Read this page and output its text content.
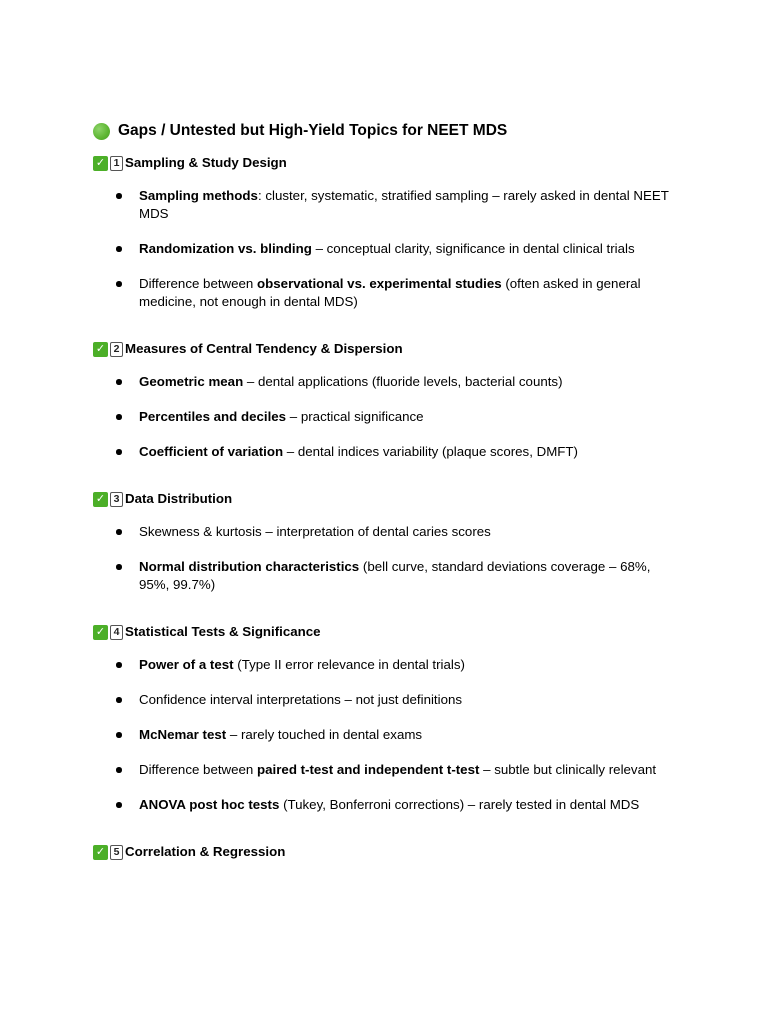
Gaps / Untested but High-Yield Topics for NEET MDS
✓ 1 Sampling & Study Design
Sampling methods: cluster, systematic, stratified sampling – rarely asked in dental NEET MDS
Randomization vs. blinding – conceptual clarity, significance in dental clinical trials
Difference between observational vs. experimental studies (often asked in general medicine, not enough in dental MDS)
✓ 2 Measures of Central Tendency & Dispersion
Geometric mean – dental applications (fluoride levels, bacterial counts)
Percentiles and deciles – practical significance
Coefficient of variation – dental indices variability (plaque scores, DMFT)
✓ 3 Data Distribution
Skewness & kurtosis – interpretation of dental caries scores
Normal distribution characteristics (bell curve, standard deviations coverage – 68%, 95%, 99.7%)
✓ 4 Statistical Tests & Significance
Power of a test (Type II error relevance in dental trials)
Confidence interval interpretations – not just definitions
McNemar test – rarely touched in dental exams
Difference between paired t-test and independent t-test – subtle but clinically relevant
ANOVA post hoc tests (Tukey, Bonferroni corrections) – rarely tested in dental MDS
✓ 5 Correlation & Regression
